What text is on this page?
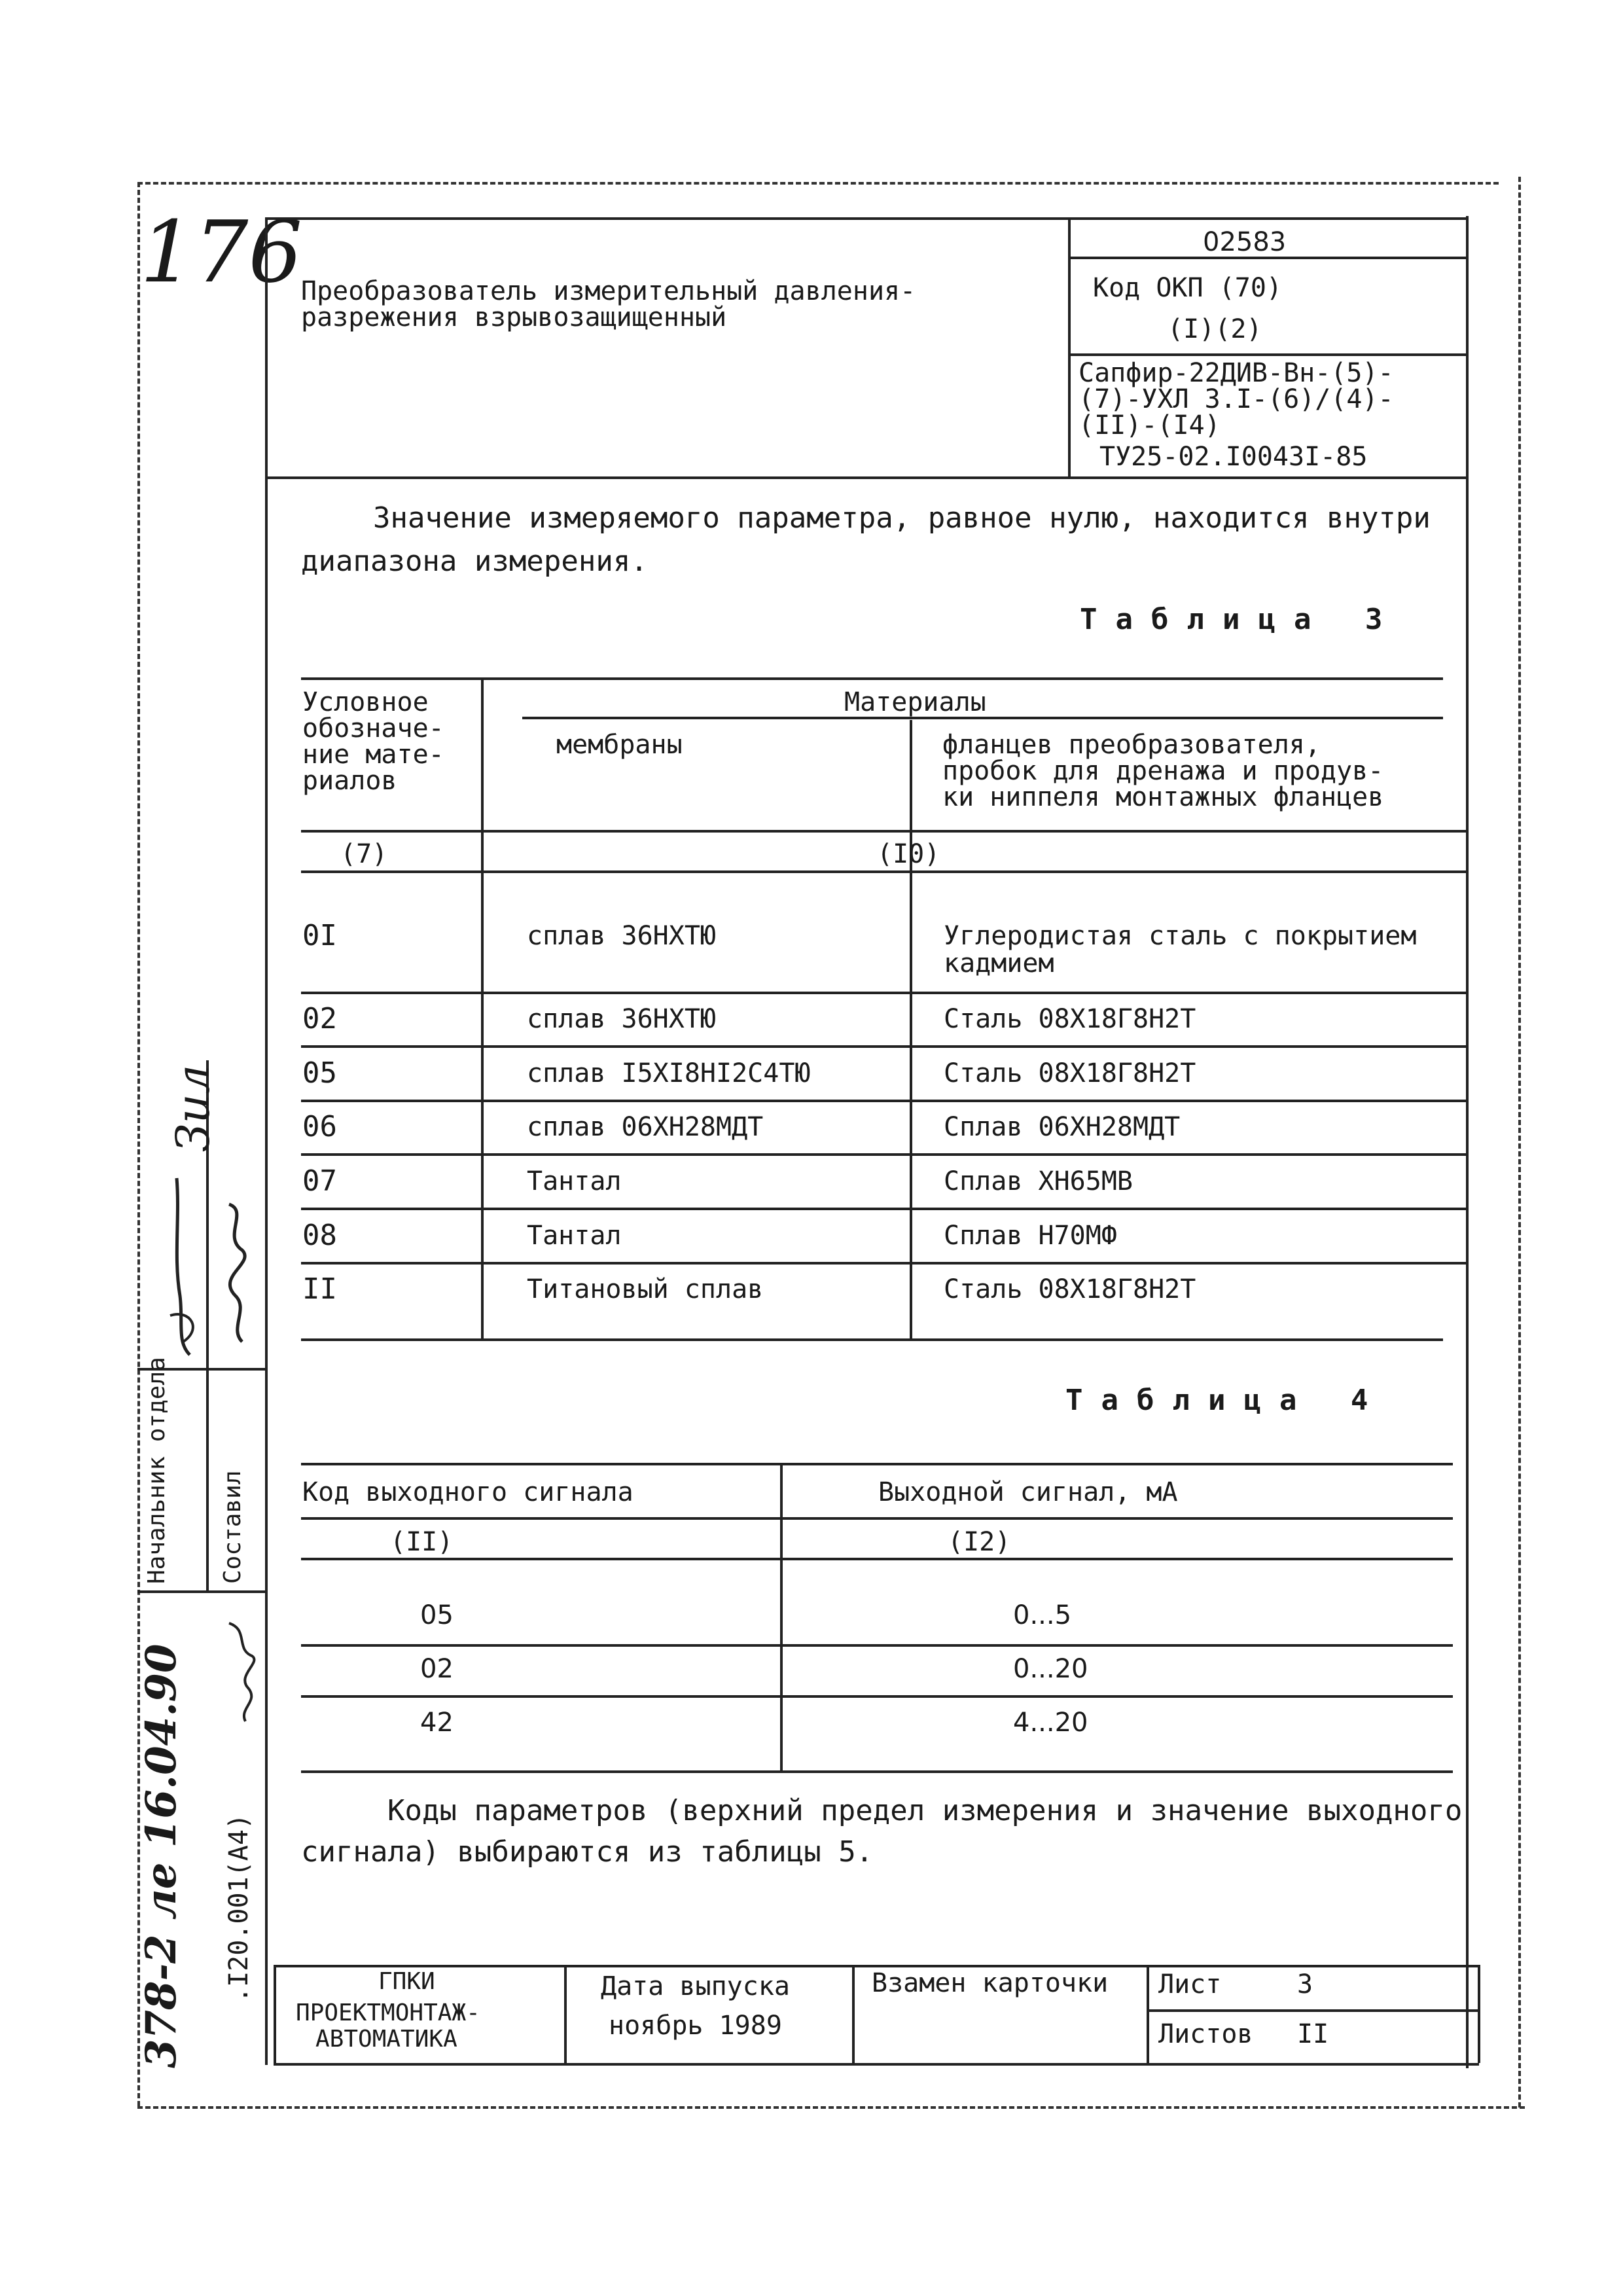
176
Преобразователь измерительный давления-
разрежения взрывозащищенный
02583
Код ОКП (70)
(I)(2)
Сапфир-22ДИВ-Вн-(5)-
(7)-УХЛ 3.I-(6)/(4)-
(II)-(I4)
ТУ25-02.I0043I-85
Значение измеряемого параметра, равное нулю, находится внутри
диапазона измерения.
Таблица 3
Условное
обозначе-
ние мате-
риалов
Материалы
мембраны	фланцев преобразователя,
пробок для дренажа и продув-
ки ниппеля монтажных фланцев
(7)	(I0)
0I	сплав 36НХТЮ	Углеродистая сталь с покрытием
кадмием
02	сплав 36НХТЮ	Сталь 08Х18Г8Н2Т
05	сплав I5XI8HI2C4TЮ	Сталь 08Х18Г8Н2Т
06	сплав 06ХН28МДТ	Сплав 06ХН28МДТ
07	Тантал	Сплав ХН65МВ
08	Тантал	Сплав Н70МФ
II	Титановый сплав	Сталь 08Х18Г8Н2Т
Таблица 4
Код выходного сигнала	Выходной сигнал, мА
(II)	(I2)
05	0...5
02	0...20
42	4...20
Коды параметров (верхний предел измерения и значение выходного
сигнала) выбираются из таблицы 5.
ГПКИ
ПРОЕКТМОНТАЖ-
АВТОМАТИКА
Дата выпуска
ноябрь 1989
Взамен карточки Лист	3
Листов II
Начальник отдела Составил
Зил
.I20.001(A4)
378-2 ле 16.04.90
